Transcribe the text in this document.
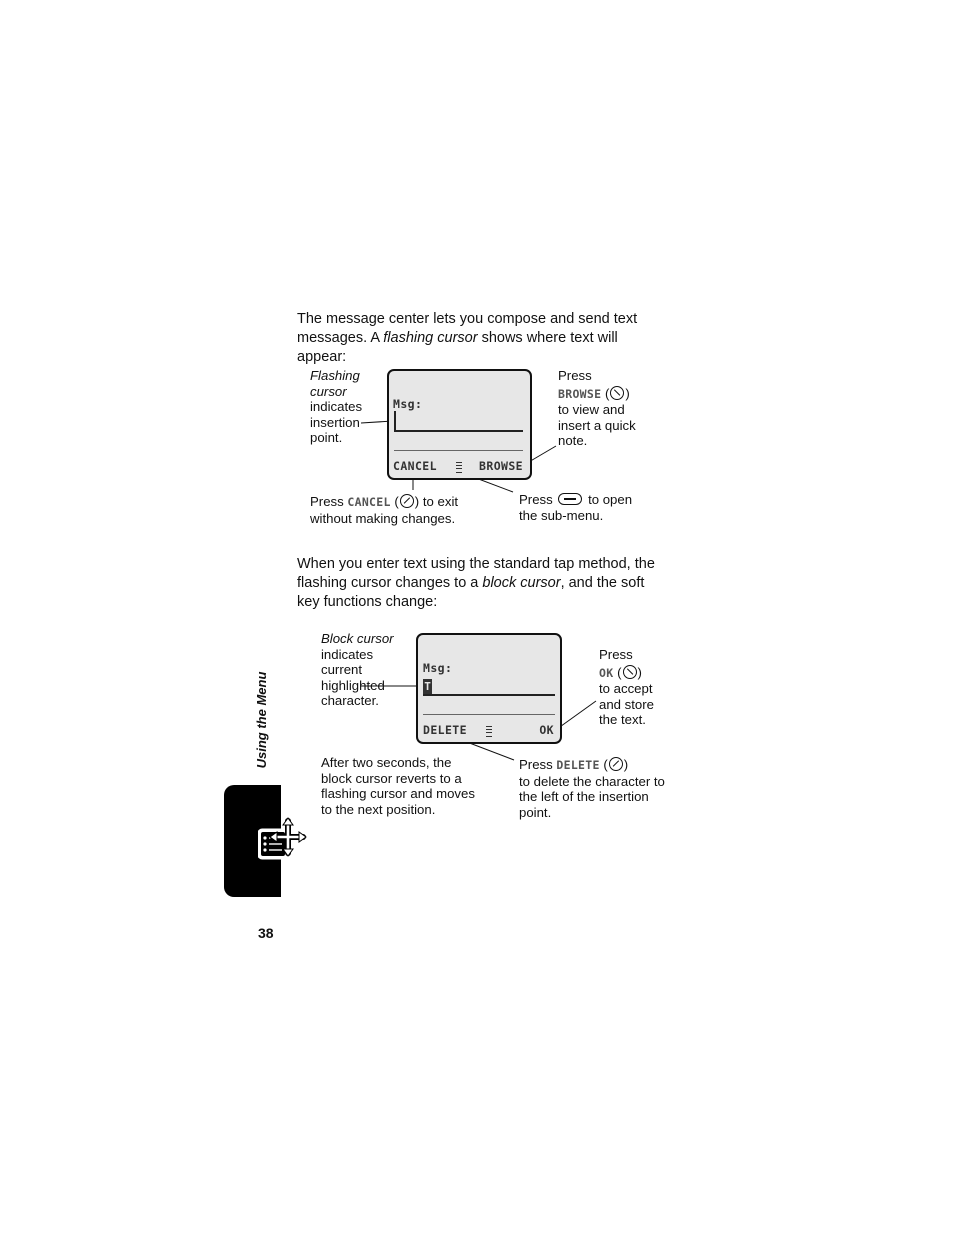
The message center lets you compose and send text messages. A flashing cursor shows where text will appear:
Msg:
CANCEL	BROWSE
Flashing cursor
indicates insertion point.
Press
BROWSE ( )
to view and insert a quick note.
Press CANCEL ( ) to exit without making changes.
Press	to open the sub-menu.
When you enter text using the standard tap method, the flashing cursor changes to a block cursor, and the soft key functions change:
Msg:
T
DELETE	OK
Block cursor
indicates current highlighted character.
Press
OK ( )
to accept and store the text.
After two seconds, the block cursor reverts to a flashing cursor and moves to the next position.
Press DELETE ( )
to delete the character to the left of the insertion point.
Using the Menu
38
